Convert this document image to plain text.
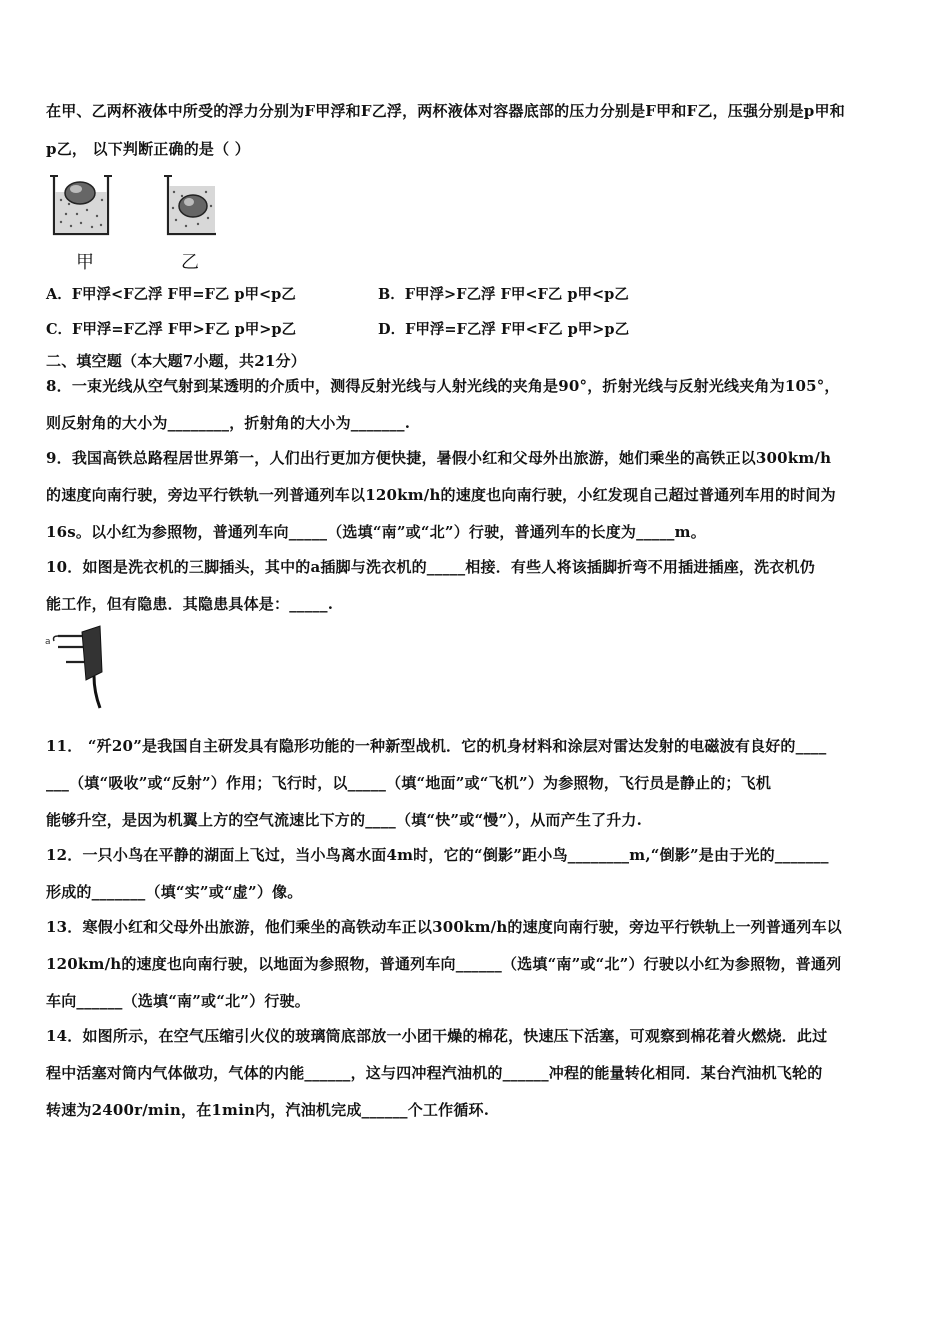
在甲、乙两杯液体中所受的浮力分别为F甲浮和F乙浮，两杯液体对容器底部的压力分别是F甲和F乙，压强分别是p甲和
p乙， 以下判断正确的是（ ）
甲	乙
A．F甲浮<F乙浮 F甲=F乙 p甲<p乙	B．F甲浮>F乙浮 F甲<F乙 p甲<p乙
C．F甲浮=F乙浮 F甲>F乙 p甲>p乙	D．F甲浮=F乙浮 F甲<F乙 p甲>p乙
二、填空题（本大题7小题，共21分）
8．一束光线从空气射到某透明的介质中，测得反射光线与人射光线的夹角是90°，折射光线与反射光线夹角为105°，
则反射角的大小为________，折射角的大小为_______.
9．我国高铁总路程居世界第一，人们出行更加方便快捷，暑假小红和父母外出旅游，她们乘坐的高铁正以300km/h
的速度向南行驶，旁边平行铁轨一列普通列车以120km/h的速度也向南行驶，小红发现自己超过普通列车用的时间为
16s。以小红为参照物，普通列车向_____（选填“南”或“北”）行驶，普通列车的长度为_____m。
10．如图是洗衣机的三脚插头，其中的a插脚与洗衣机的_____相接．有些人将该插脚折弯不用插进插座，洗衣机仍
能工作，但有隐患．其隐患具体是：_____.
a
11． “歼20”是我国自主研发具有隐形功能的一种新型战机．它的机身材料和涂层对雷达发射的电磁波有良好的____
___（填“吸收”或“反射”）作用；飞行时，以_____（填“地面”或“飞机”）为参照物，飞行员是静止的；飞机
能够升空，是因为机翼上方的空气流速比下方的____（填“快”或“慢”），从而产生了升力.
12．一只小鸟在平静的湖面上飞过，当小鸟离水面4m时，它的“倒影”距小鸟________m,“倒影”是由于光的_______
形成的_______（填“实”或“虚”）像。
13．寒假小红和父母外出旅游，他们乘坐的高铁动车正以300km/h的速度向南行驶，旁边平行铁轨上一列普通列车以
120km/h的速度也向南行驶，以地面为参照物，普通列车向______（选填“南”或“北”）行驶以小红为参照物，普通列
车向______（选填“南”或“北”）行驶。
14．如图所示，在空气压缩引火仪的玻璃筒底部放一小团干燥的棉花，快速压下活塞，可观察到棉花着火燃烧．此过
程中活塞对筒内气体做功，气体的内能______，这与四冲程汽油机的______冲程的能量转化相同．某台汽油机飞轮的
转速为2400r/min，在1min内，汽油机完成______个工作循环.
